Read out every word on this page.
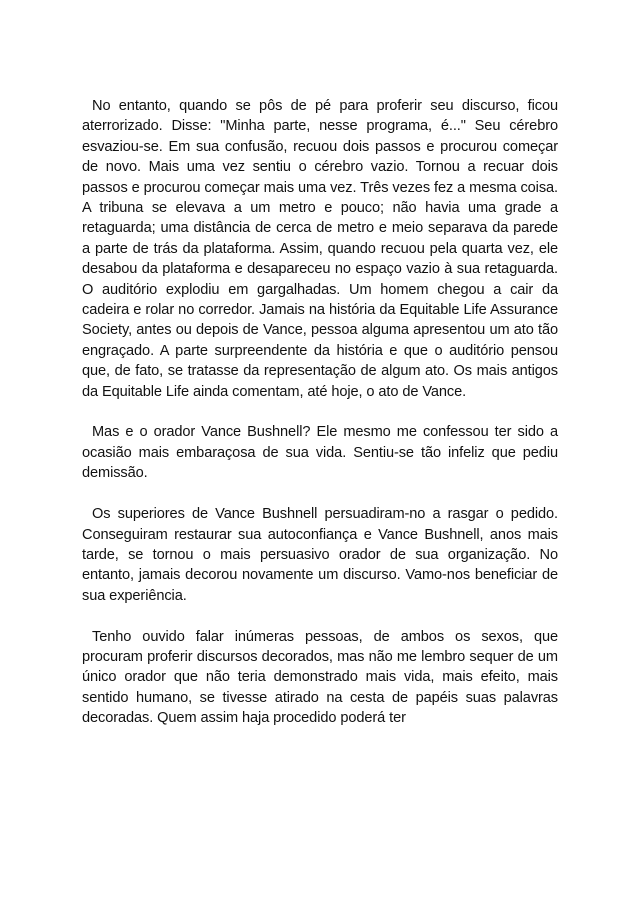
No entanto, quando se pôs de pé para proferir seu discurso, ficou aterrorizado. Disse: "Minha parte, nesse programa, é..." Seu cérebro esvaziou-se. Em sua confusão, recuou dois passos e procurou começar de novo. Mais uma vez sentiu o cérebro vazio. Tornou a recuar dois passos e procurou começar mais uma vez. Três vezes fez a mesma coisa. A tribuna se elevava a um metro e pouco; não havia uma grade a retaguarda; uma distância de cerca de metro e meio separava da parede a parte de trás da plataforma. Assim, quando recuou pela quarta vez, ele desabou da plataforma e desapareceu no espaço vazio à sua retaguarda. O auditório explodiu em gargalhadas. Um homem chegou a cair da cadeira e rolar no corredor. Jamais na história da Equitable Life Assurance Society, antes ou depois de Vance, pessoa alguma apresentou um ato tão engraçado. A parte surpreendente da história e que o auditório pensou que, de fato, se tratasse da representação de algum ato. Os mais antigos da Equitable Life ainda comentam, até hoje, o ato de Vance.

Mas e o orador Vance Bushnell? Ele mesmo me confessou ter sido a ocasião mais embaraçosa de sua vida. Sentiu-se tão infeliz que pediu demissão.

Os superiores de Vance Bushnell persuadiram-no a rasgar o pedido. Conseguiram restaurar sua autoconfiança e Vance Bushnell, anos mais tarde, se tornou o mais persuasivo orador de sua organização. No entanto, jamais decorou novamente um discurso. Vamo-nos beneficiar de sua experiência.

Tenho ouvido falar inúmeras pessoas, de ambos os sexos, que procuram proferir discursos decorados, mas não me lembro sequer de um único orador que não teria demonstrado mais vida, mais efeito, mais sentido humano, se tivesse atirado na cesta de papéis suas palavras decoradas. Quem assim haja procedido poderá ter
